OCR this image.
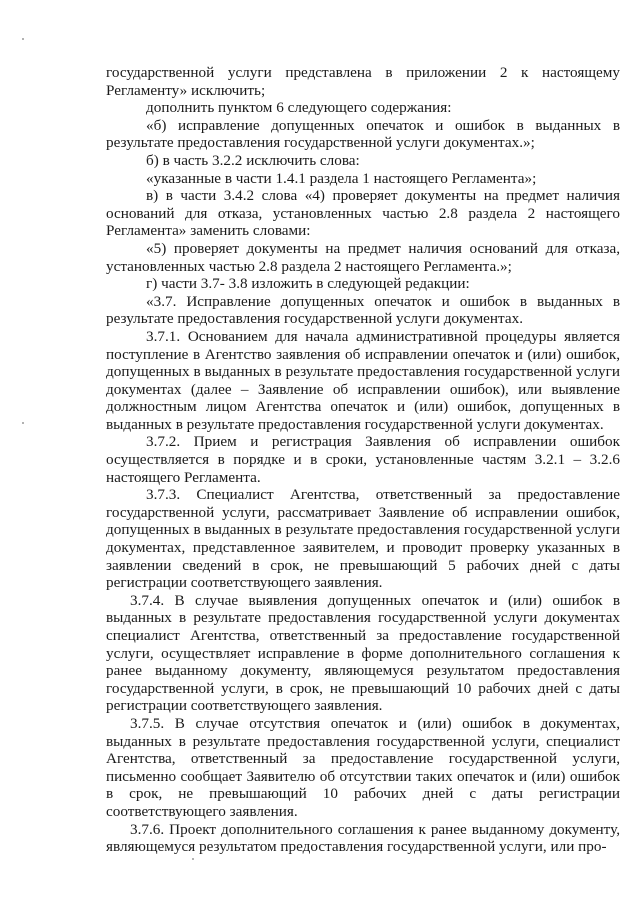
государственной услуги представлена в приложении 2 к настоящему Регламенту» исключить;

дополнить пунктом 6 следующего содержания:

«б) исправление допущенных опечаток и ошибок в выданных в результате предоставления государственной услуги документах.»;

б) в часть 3.2.2 исключить слова:

«указанные в части 1.4.1 раздела 1 настоящего Регламента»;

в) в части 3.4.2 слова «4) проверяет документы на предмет наличия оснований для отказа, установленных частью 2.8 раздела 2 настоящего Регламента» заменить словами:

«5) проверяет документы на предмет наличия оснований для отказа, установленных частью 2.8 раздела 2 настоящего Регламента.»;

г) части 3.7- 3.8 изложить в следующей редакции:

«3.7. Исправление допущенных опечаток и ошибок в выданных в результате предоставления государственной услуги документах.

3.7.1. Основанием для начала административной процедуры является поступление в Агентство заявления об исправлении опечаток и (или) ошибок, допущенных в выданных в результате предоставления государственной услуги документах (далее – Заявление об исправлении ошибок), или выявление должностным лицом Агентства опечаток и (или) ошибок, допущенных в выданных в результате предоставления государственной услуги документах.

3.7.2. Прием и регистрация Заявления об исправлении ошибок осуществляется в порядке и в сроки, установленные частям 3.2.1 – 3.2.6 настоящего Регламента.

3.7.3. Специалист Агентства, ответственный за предоставление государственной услуги, рассматривает Заявление об исправлении ошибок, допущенных в выданных в результате предоставления государственной услуги документах, представленное заявителем, и проводит проверку указанных в заявлении сведений в срок, не превышающий 5 рабочих дней с даты регистрации соответствующего заявления.

3.7.4. В случае выявления допущенных опечаток и (или) ошибок в выданных в результате предоставления государственной услуги документах специалист Агентства, ответственный за предоставление государственной услуги, осуществляет исправление в форме дополнительного соглашения к ранее выданному документу, являющемуся результатом предоставления государственной услуги, в срок, не превышающий 10 рабочих дней с даты регистрации соответствующего заявления.

3.7.5. В случае отсутствия опечаток и (или) ошибок в документах, выданных в результате предоставления государственной услуги, специалист Агентства, ответственный за предоставление государственной услуги, письменно сообщает Заявителю об отсутствии таких опечаток и (или) ошибок в срок, не превышающий 10 рабочих дней с даты регистрации соответствующего заявления.

3.7.6. Проект дополнительного соглашения к ранее выданному документу, являющемуся результатом предоставления государственной услуги, или про-
